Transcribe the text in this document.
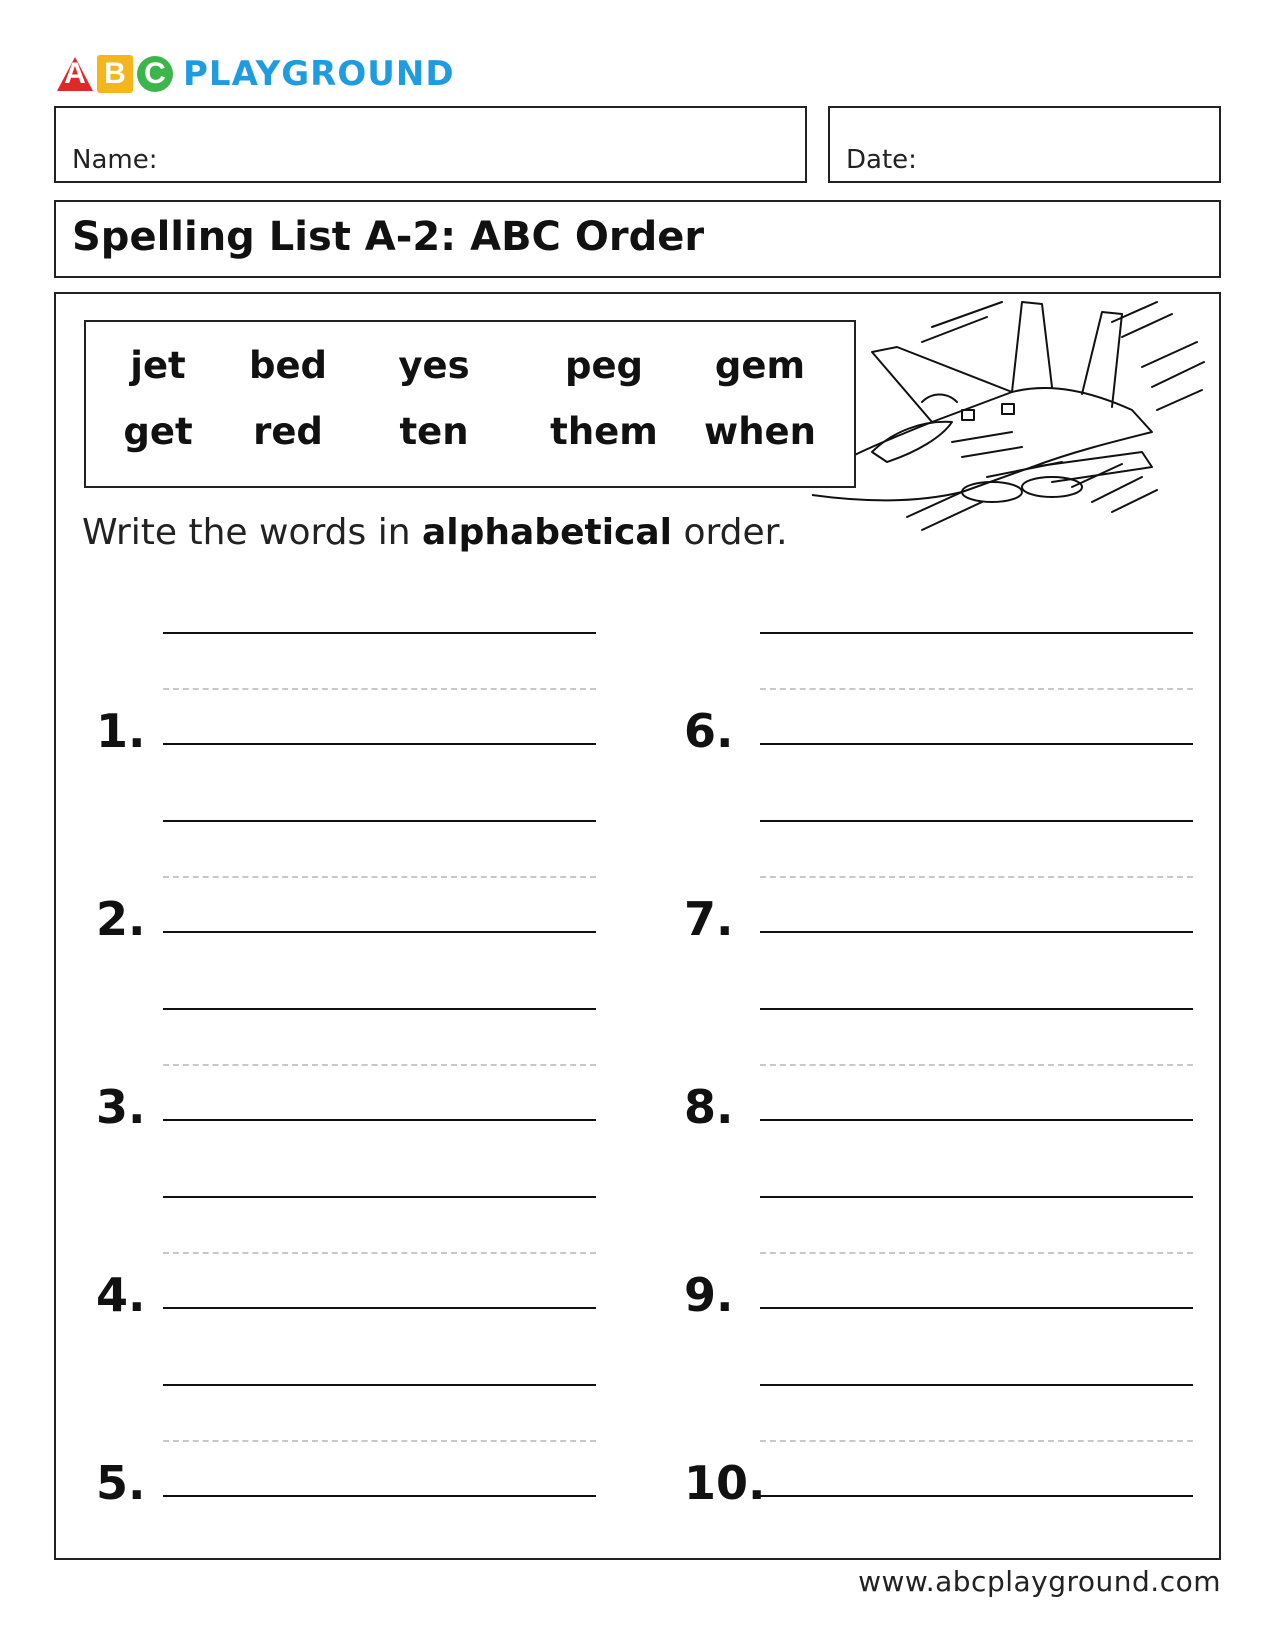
A B C PLAYGROUND
Name:	Date:
Spelling List A-2: ABC Order
jet bed yes	peg gem
get red ten them when
Write the words in alphabetical order.
1.
2.
3.
4.
5.
6.
7.
8.
9.
10.
www.abcplayground.com
